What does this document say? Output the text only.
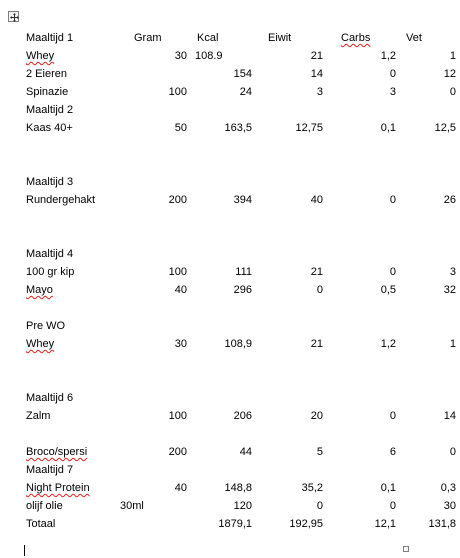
Maaltijd 1	Gram	Kcal	Eiwit	Carbs	Vet
Whey	30	108.9	21	1,2	1
2 Eieren		154	14	0	12
Spinazie	100	24	3	3	0
Maaltijd 2					
Kaas 40+	50	163,5	12,75	0,1	12,5

Maaltijd 3					
Rundergehakt	200	394	40	0	26

Maaltijd 4					
100 gr kip	100	111	21	0	3
Mayo	40	296	0	0,5	32

Pre WO					
Whey	30	108,9	21	1,2	1

Maaltijd 6					
Zalm	100	206	20	0	14

Broco/spersi	200	44	5	6	0
Maaltijd 7					
Night Protein	40	148,8	35,2	0,1	0,3
olijf olie	30ml	120	0	0	30
Totaal		1879,1	192,95	12,1	131,8
